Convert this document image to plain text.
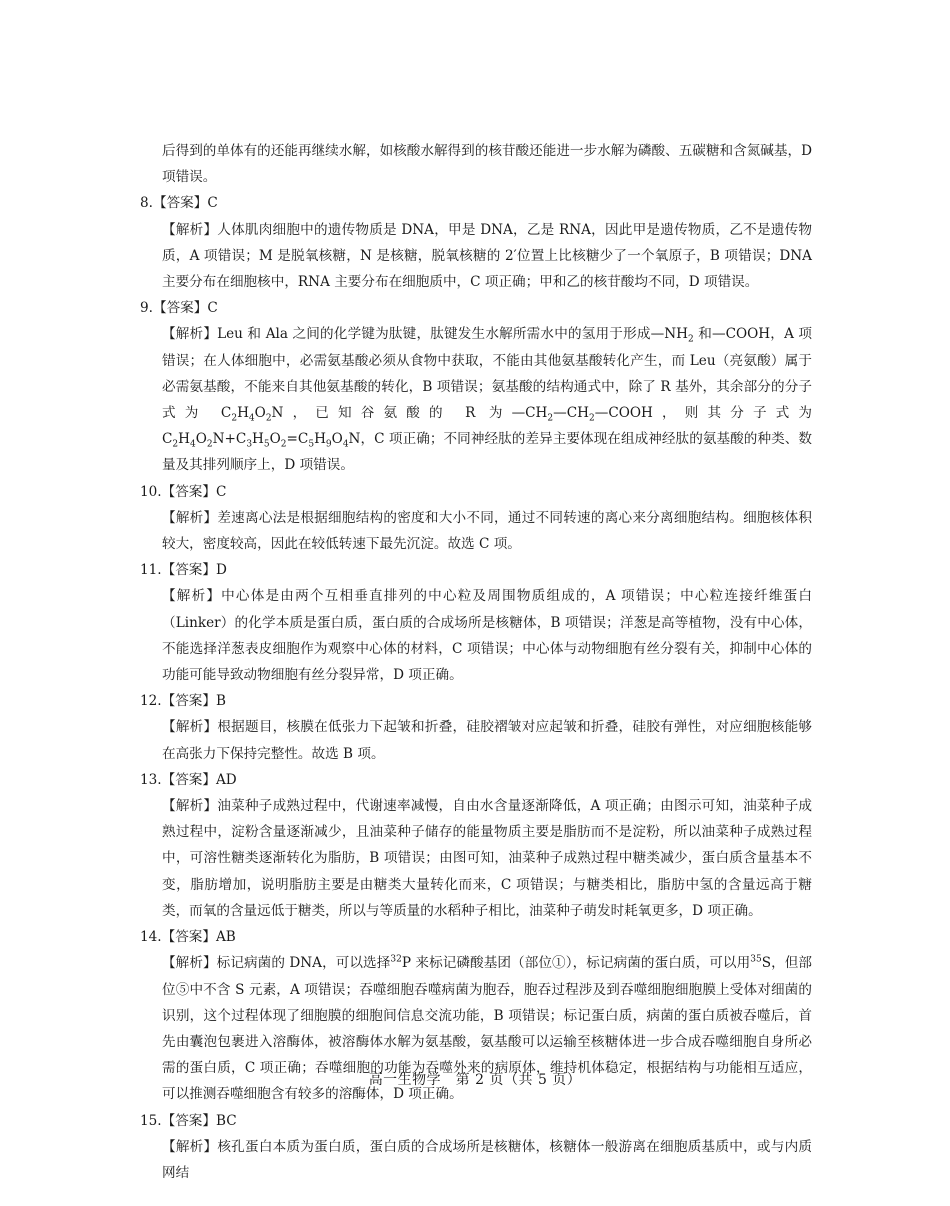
后得到的单体有的还能再继续水解，如核酸水解得到的核苷酸还能进一步水解为磷酸、五碳糖和含氮碱基，D 项错误。

8.【答案】C

【解析】人体肌肉细胞中的遗传物质是 DNA，甲是 DNA，乙是 RNA，因此甲是遗传物质，乙不是遗传物质，A 项错误；M 是脱氧核糖，N 是核糖，脱氧核糖的 2′位置上比核糖少了一个氧原子，B 项错误；DNA 主要分布在细胞核中，RNA 主要分布在细胞质中，C 项正确；甲和乙的核苷酸均不同，D 项错误。

9.【答案】C

【解析】Leu 和 Ala 之间的化学键为肽键，肽键发生水解所需水中的氢用于形成$—NH_2$ 和—COOH，A 项错误；在人体细胞中，必需氨基酸必须从食物中获取，不能由其他氨基酸转化产生，而 Leu（亮氨酸）属于必需氨基酸，不能来自其他氨基酸的转化，B 项错误；氨基酸的结构通式中，除了 R 基外，其余部分的分子式为 $C_2H_4O_2N$，已知谷氨酸的 R 为$—CH_2—CH_2—COOH$，则其分子式为 $C_2H_4O_2N+C_3H_5O_2=C_5H_9O_4N$，C 项正确；不同神经肽的差异主要体现在组成神经肽的氨基酸的种类、数量及其排列顺序上，D 项错误。

10.【答案】C

【解析】差速离心法是根据细胞结构的密度和大小不同，通过不同转速的离心来分离细胞结构。细胞核体积较大，密度较高，因此在较低转速下最先沉淀。故选 C 项。

11.【答案】D

【解析】中心体是由两个互相垂直排列的中心粒及周围物质组成的，A 项错误；中心粒连接纤维蛋白（Linker）的化学本质是蛋白质，蛋白质的合成场所是核糖体，B 项错误；洋葱是高等植物，没有中心体，不能选择洋葱表皮细胞作为观察中心体的材料，C 项错误；中心体与动物细胞有丝分裂有关，抑制中心体的功能可能导致动物细胞有丝分裂异常，D 项正确。

12.【答案】B

【解析】根据题目，核膜在低张力下起皱和折叠，硅胶褶皱对应起皱和折叠，硅胶有弹性，对应细胞核能够在高张力下保持完整性。故选 B 项。

13.【答案】AD

【解析】油菜种子成熟过程中，代谢速率减慢，自由水含量逐渐降低，A 项正确；由图示可知，油菜种子成熟过程中，淀粉含量逐渐减少，且油菜种子储存的能量物质主要是脂肪而不是淀粉，所以油菜种子成熟过程中，可溶性糖类逐渐转化为脂肪，B 项错误；由图可知，油菜种子成熟过程中糖类减少，蛋白质含量基本不变，脂肪增加，说明脂肪主要是由糖类大量转化而来，C 项错误；与糖类相比，脂肪中氢的含量远高于糖类，而氧的含量远低于糖类，所以与等质量的水稻种子相比，油菜种子萌发时耗氧更多，D 项正确。

14.【答案】AB

【解析】标记病菌的 DNA，可以选择$^{32}$P 来标记磷酸基团（部位①），标记病菌的蛋白质，可以用$^{35}$S，但部位⑤中不含 S 元素，A 项错误；吞噬细胞吞噬病菌为胞吞，胞吞过程涉及到吞噬细胞细胞膜上受体对细菌的识别，这个过程体现了细胞膜的细胞间信息交流功能，B 项错误；标记蛋白质，病菌的蛋白质被吞噬后，首先由囊泡包裹进入溶酶体，被溶酶体水解为氨基酸，氨基酸可以运输至核糖体进一步合成吞噬细胞自身所必需的蛋白质，C 项正确；吞噬细胞的功能为吞噬外来的病原体，维持机体稳定，根据结构与功能相互适应，可以推测吞噬细胞含有较多的溶酶体，D 项正确。

15.【答案】BC

【解析】核孔蛋白本质为蛋白质，蛋白质的合成场所是核糖体，核糖体一般游离在细胞质基质中，或与内质网结

高一生物学　第 2 页（共 5 页）
